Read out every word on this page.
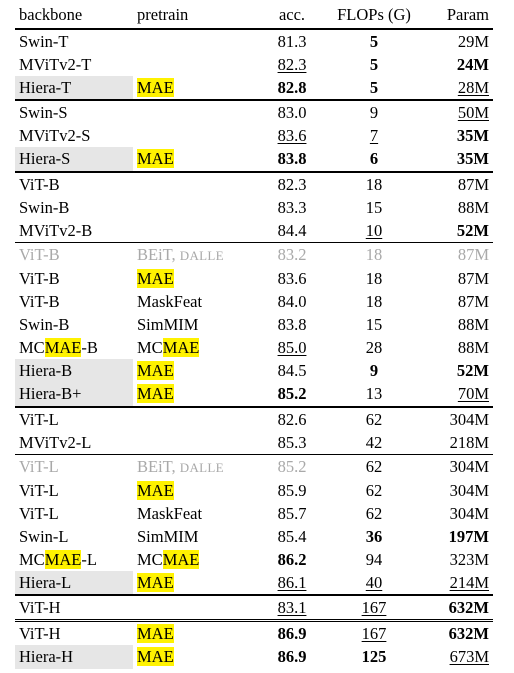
backbone	pretrain	acc.	FLOPs (G)	Param
Swin-T		81.3	5	29M
MViTv2-T		82.3	5	24M
Hiera-T	MAE	82.8	5	28M
Swin-S		83.0	9	50M
MViTv2-S		83.6	7	35M
Hiera-S	MAE	83.8	6	35M
ViT-B		82.3	18	87M
Swin-B		83.3	15	88M
MViTv2-B		84.4	10	52M
ViT-B	BEiT, DALLE	83.2	18	87M
ViT-B	MAE	83.6	18	87M
ViT-B	MaskFeat	84.0	18	87M
Swin-B	SimMIM	83.8	15	88M
MCMAE-B	MCMAE	85.0	28	88M
Hiera-B	MAE	84.5	9	52M
Hiera-B+	MAE	85.2	13	70M
ViT-L		82.6	62	304M
MViTv2-L		85.3	42	218M
ViT-L	BEiT, DALLE	85.2	62	304M
ViT-L	MAE	85.9	62	304M
ViT-L	MaskFeat	85.7	62	304M
Swin-L	SimMIM	85.4	36	197M
MCMAE-L	MCMAE	86.2	94	323M
Hiera-L	MAE	86.1	40	214M
ViT-H		83.1	167	632M
ViT-H	MAE	86.9	167	632M
Hiera-H	MAE	86.9	125	673M
